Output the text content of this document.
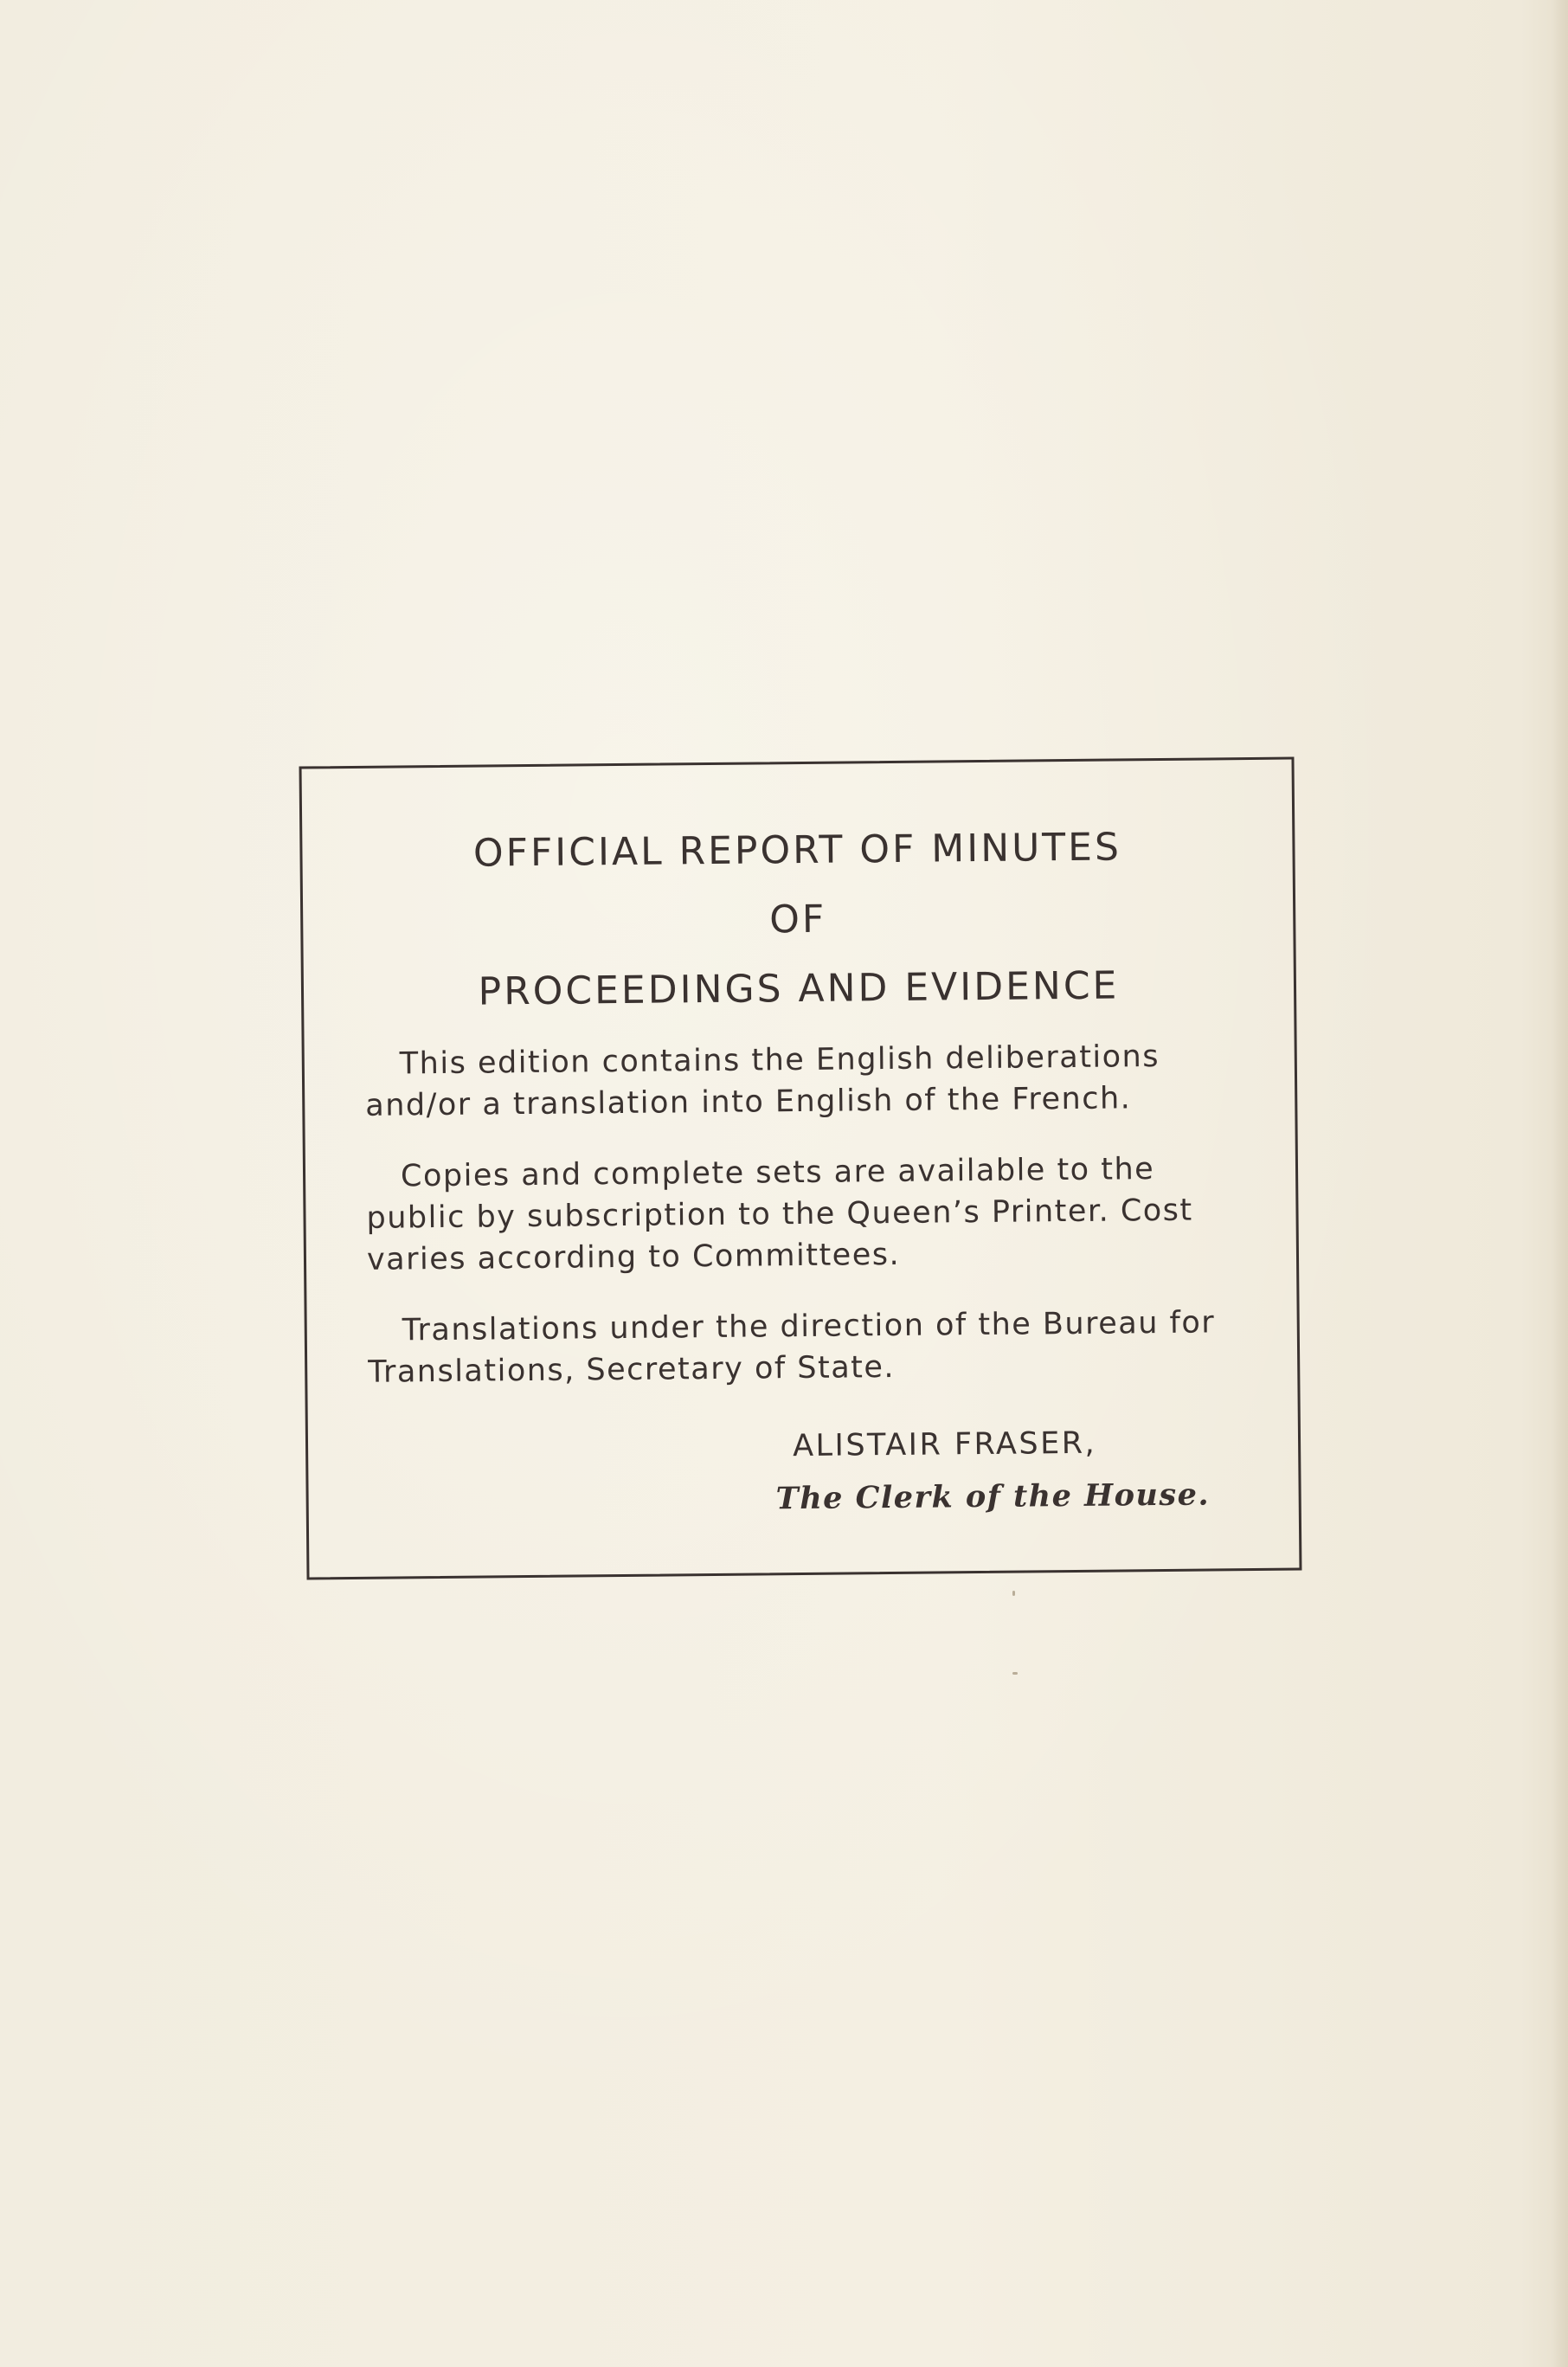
OFFICIAL REPORT OF MINUTES
OF
PROCEEDINGS AND EVIDENCE

This edition contains the English deliberations and/or a translation into English of the French.

Copies and complete sets are available to the public by subscription to the Queen’s Printer. Cost varies according to Committees.

Translations under the direction of the Bureau for Translations, Secretary of State.

ALISTAIR FRASER,
The Clerk of the House.
